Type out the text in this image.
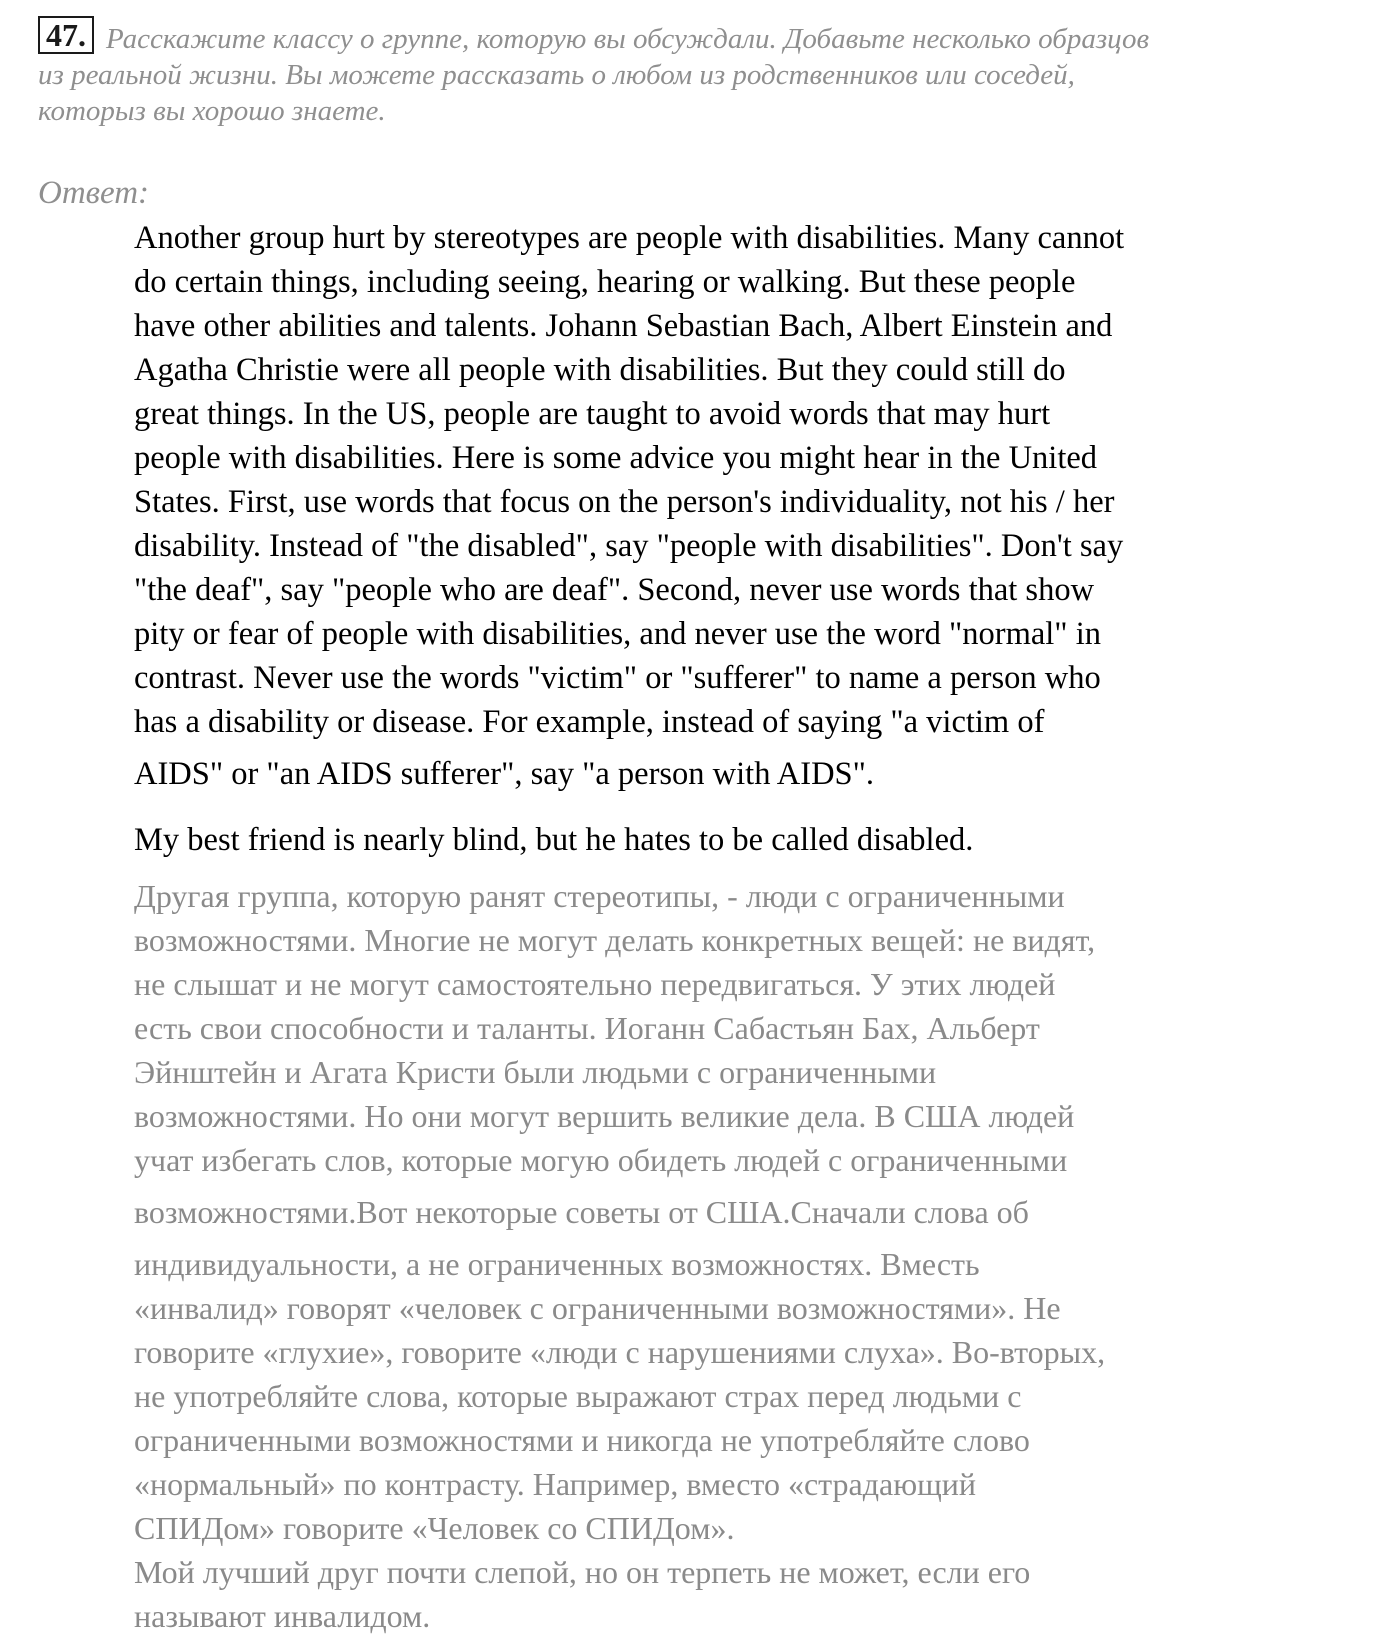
47. Расскажите классу о группе, которую вы обсуждали. Добавьте несколько образцов
из реальной жизни. Вы можете рассказать о любом из родственников или соседей,
которыз вы хорошо знаете.
Ответ:
Another group hurt by stereotypes are people with disabilities. Many cannot
do certain things, including seeing, hearing or walking. But these people
have other abilities and talents. Johann Sebastian Bach, Albert Einstein and
Agatha Christie were all people with disabilities. But they could still do
great things. In the US, people are taught to avoid words that may hurt
people with disabilities. Here is some advice you might hear in the United
States. First, use words that focus on the person's individuality, not his / her
disability. Instead of "the disabled", say "people with disabilities". Don't say
"the deaf", say "people who are deaf". Second, never use words that show
pity or fear of people with disabilities, and never use the word "normal" in
contrast. Never use the words "victim" or "sufferer" to name a person who
has a disability or disease. For example, instead of saying "a victim of
AIDS" or "an AIDS sufferer", say "a person with AIDS".
My best friend is nearly blind, but he hates to be called disabled.
Другая группа, которую ранят стереотипы, - люди с ограниченными
возможностями. Многие не могут делать конкретных вещей: не видят,
не слышат и не могут самостоятельно передвигаться. У этих людей
есть свои способности и таланты. Иоганн Сабастьян Бах, Альберт
Эйнштейн и Агата Кристи были людьми с ограниченными
возможностями. Но они могут вершить великие дела. В США людей
учат избегать слов, которые могую обидеть людей с ограниченными
возможностями.Вот некоторые советы от США.Сначали слова об
индивидуальности, а не ограниченных возможностях. Вместь
«инвалид» говорят «человек с ограниченными возможностями». Не
говорите «глухие», говорите «люди с нарушениями слуха». Во-вторых,
не употребляйте слова, которые выражают страх перед людьми с
ограниченными возможностями и никогда не употребляйте слово
«нормальный» по контрасту. Например, вместо «страдающий
СПИДом» говорите «Человек со СПИДом».
Мой лучший друг почти слепой, но он терпеть не может, если его
называют инвалидом.
